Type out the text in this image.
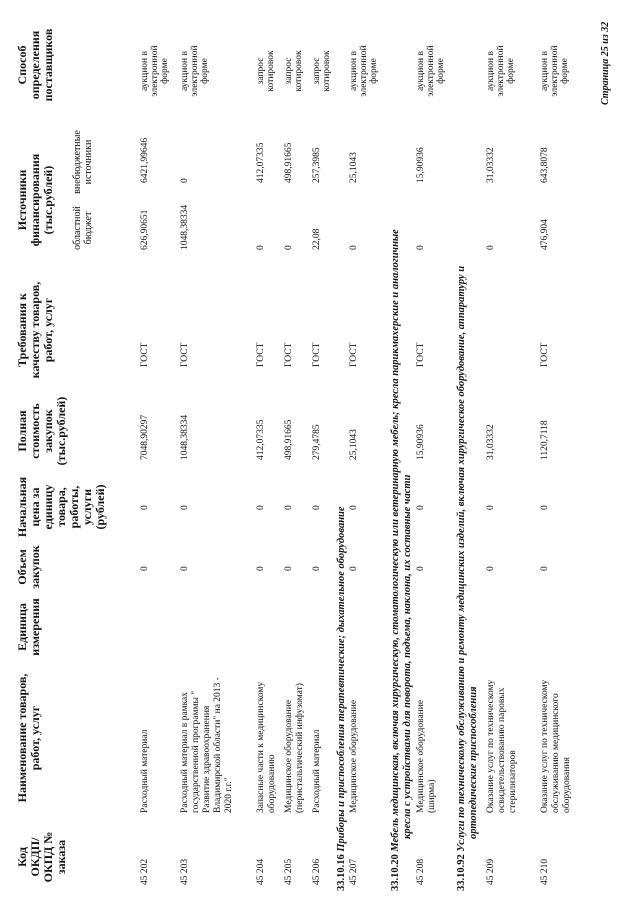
Код ОКДП/ ОКПД № заказа
Наименование товаров, работ, услуг
Единица измерения
Объем закупок
Начальная цена за единицу товара, работы, услуги (рублей)
Полная стоимость закупок (тыс.рублей)
Требования к качеству товаров, работ, услуг
Источники финансирования (тыс.рублей) областной бюджет
внебюджетные источники
Способ определения поставщиков
45 202
Расходный материал
0
0
7048,90297
ГОСТ
626,90651
6421,99646
аукцион в электронной форме
45 203
Расходный материал в рамках государственной программы " Развитие здравоохранения Владимирской области" на 2013 - 2020 г.г."
0
0
1048,38334
ГОСТ
1048,38334
0
аукцион в электронной форме
45 204
Запасные части к медицинскому оборудованию
0
0
412,07335
ГОСТ
0
412,07335
запрос котировок
45 205
Медицинское оборудование (перистальтический инфузомат)
0
0
498,91665
ГОСТ
0
498,91665
запрос котировок
45 206
Расходный материал
0
0
279,4785
ГОСТ
22,08
257,3985
запрос котировок
33.10.16 Приборы и приспособления терапевтические; дыхательное оборудование
45 207
Медицинское оборудование
0
0
25,1043
ГОСТ
0
25,1043
аукцион в электронной форме
33.10.20 Мебель медицинская, включая хирургическую, стоматологическую или ветеринарную мебель; кресла парикмахерские и аналогичные кресла с устройствами для поворота, подъема, наклона, их составные части
45 208
Медицинское оборудование (ширма)
0
0
15,90936
ГОСТ
0
15,90936
аукцион в электронной форме
33.10.92 Услуги по техническому обслуживанию и ремонту медицинских изделий, включая хирургическое оборудование, аппаратуру и ортопедические приспособления
45 209
Оказание услуг по техническому освидетельствованию паровых стерилизаторов
0
0
31,03332
0
31,03332
аукцион в электронной форме
45 210
Оказание услуг по техническому обслуживанию медицинского оборудования
0
0
1120,7118
ГОСТ
476,904
643,8078
аукцион в электронной форме	Страница 25 из 32
